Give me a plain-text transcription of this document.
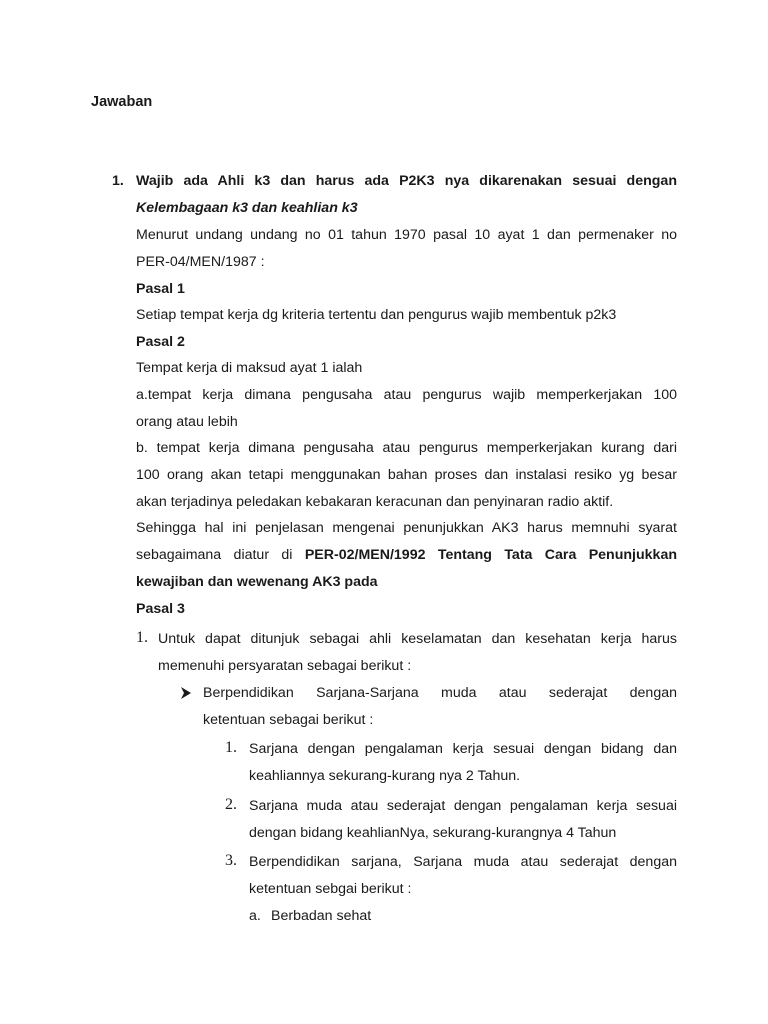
Jawaban
1. Wajib ada Ahli k3 dan harus ada P2K3 nya dikarenakan sesuai dengan
Kelembagaan k3 dan keahlian k3
Menurut undang undang no 01 tahun 1970 pasal 10 ayat 1 dan permenaker no
PER-04/MEN/1987 :
Pasal 1
Setiap tempat kerja dg kriteria tertentu dan pengurus wajib membentuk p2k3
Pasal 2
Tempat kerja di maksud ayat 1 ialah
a.tempat kerja dimana pengusaha atau pengurus wajib memperkerjakan 100
orang atau lebih
b. tempat kerja dimana pengusaha atau pengurus memperkerjakan kurang dari
100 orang akan tetapi menggunakan bahan proses dan instalasi resiko yg besar
akan terjadinya peledakan kebakaran keracunan dan penyinaran radio aktif.
Sehingga hal ini penjelasan mengenai penunjukkan AK3 harus memnuhi syarat
sebagaimana diatur di PER-02/MEN/1992 Tentang Tata Cara Penunjukkan
kewajiban dan wewenang AK3 pada
Pasal 3
1. Untuk dapat ditunjuk sebagai ahli keselamatan dan kesehatan kerja harus
memenuhi persyaratan sebagai berikut :
Berpendidikan Sarjana-Sarjana muda atau sederajat dengan
ketentuan sebagai berikut :
1. Sarjana dengan pengalaman kerja sesuai dengan bidang dan
keahliannya sekurang-kurang nya 2 Tahun.
2. Sarjana muda atau sederajat dengan pengalaman kerja sesuai
dengan bidang keahlianNya, sekurang-kurangnya 4 Tahun
3. Berpendidikan sarjana, Sarjana muda atau sederajat dengan
ketentuan sebgai berikut :
a. Berbadan sehat
